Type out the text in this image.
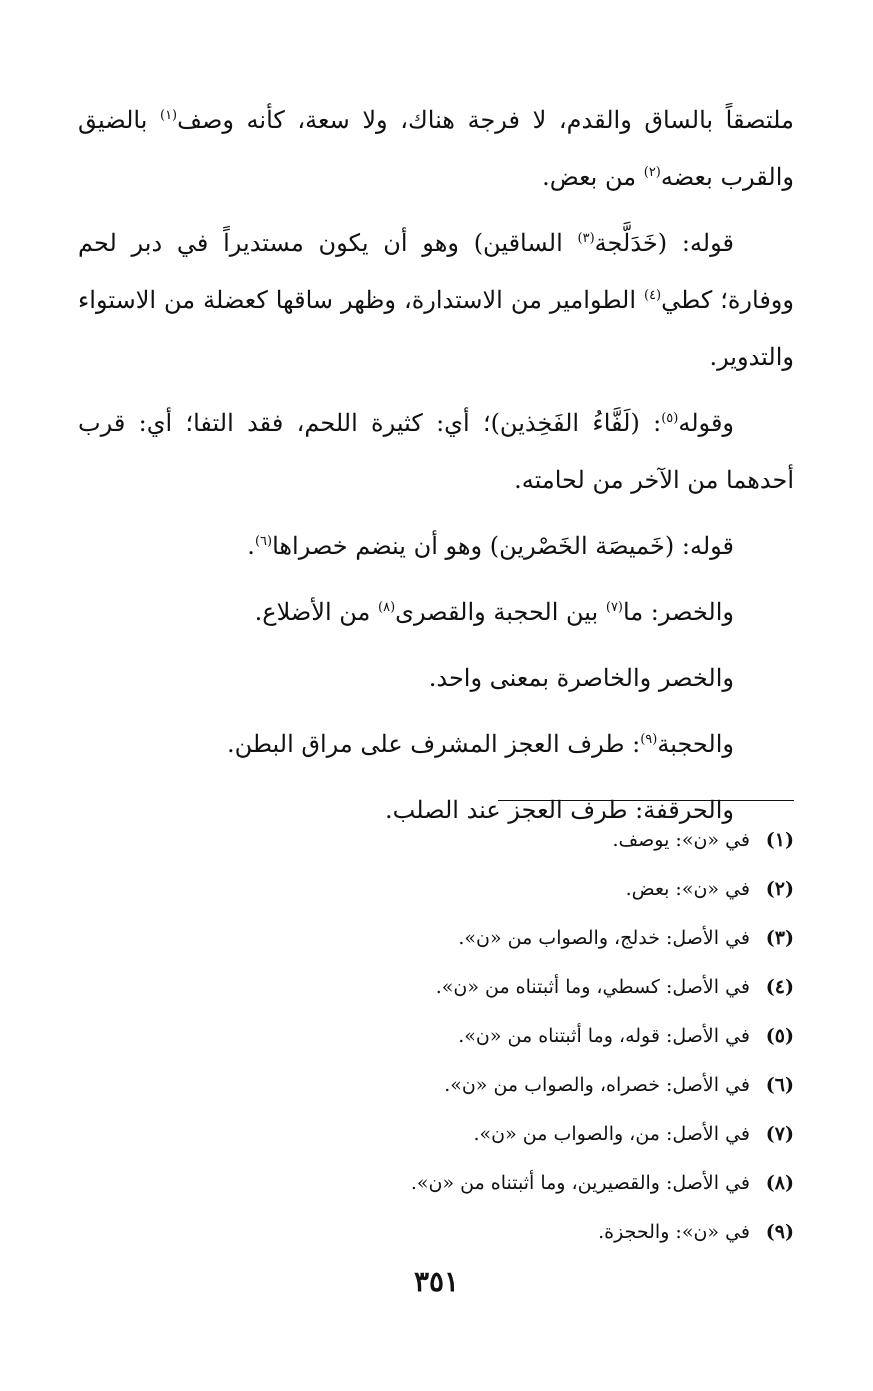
ملتصقاً بالساق والقدم، لا فرجة هناك، ولا سعة، كأنه وصف$^{(١)}$ بالضيق والقرب بعضه$^{(٢)}$ من بعض.

قوله: (خَدَلَّجة$^{(٣)}$ الساقين) وهو أن يكون مستديراً في دبر لحم ووفارة؛ كطي$^{(٤)}$ الطوامير من الاستدارة، وظهر ساقها كعضلة من الاستواء والتدوير.

وقوله$^{(٥)}$: (لَفَّاءُ الفَخِذين)؛ أي: كثيرة اللحم، فقد التفا؛ أي: قرب أحدهما من الآخر من لحامته.

قوله: (خَميصَة الخَصْرين) وهو أن ينضم خصراها$^{(٦)}$.

والخصر: ما$^{(٧)}$ بين الحجبة والقصرى$^{(٨)}$ من الأضلاع.

والخصر والخاصرة بمعنى واحد.

والحجبة$^{(٩)}$: طرف العجز المشرف على مراق البطن.

والحرقفة: طرف العجز عند الصلب.

(١)
في «ن»: يوصف.
(٢)
في «ن»: بعض.
(٣)
في الأصل: خدلج، والصواب من «ن».
(٤)
في الأصل: كسطي، وما أثبتناه من «ن».
(٥)
في الأصل: قوله، وما أثبتناه من «ن».
(٦)
في الأصل: خصراه، والصواب من «ن».
(٧)
في الأصل: من، والصواب من «ن».
(٨)
في الأصل: والقصيرين، وما أثبتناه من «ن».
(٩)
في «ن»: والحجزة.
٣٥١
